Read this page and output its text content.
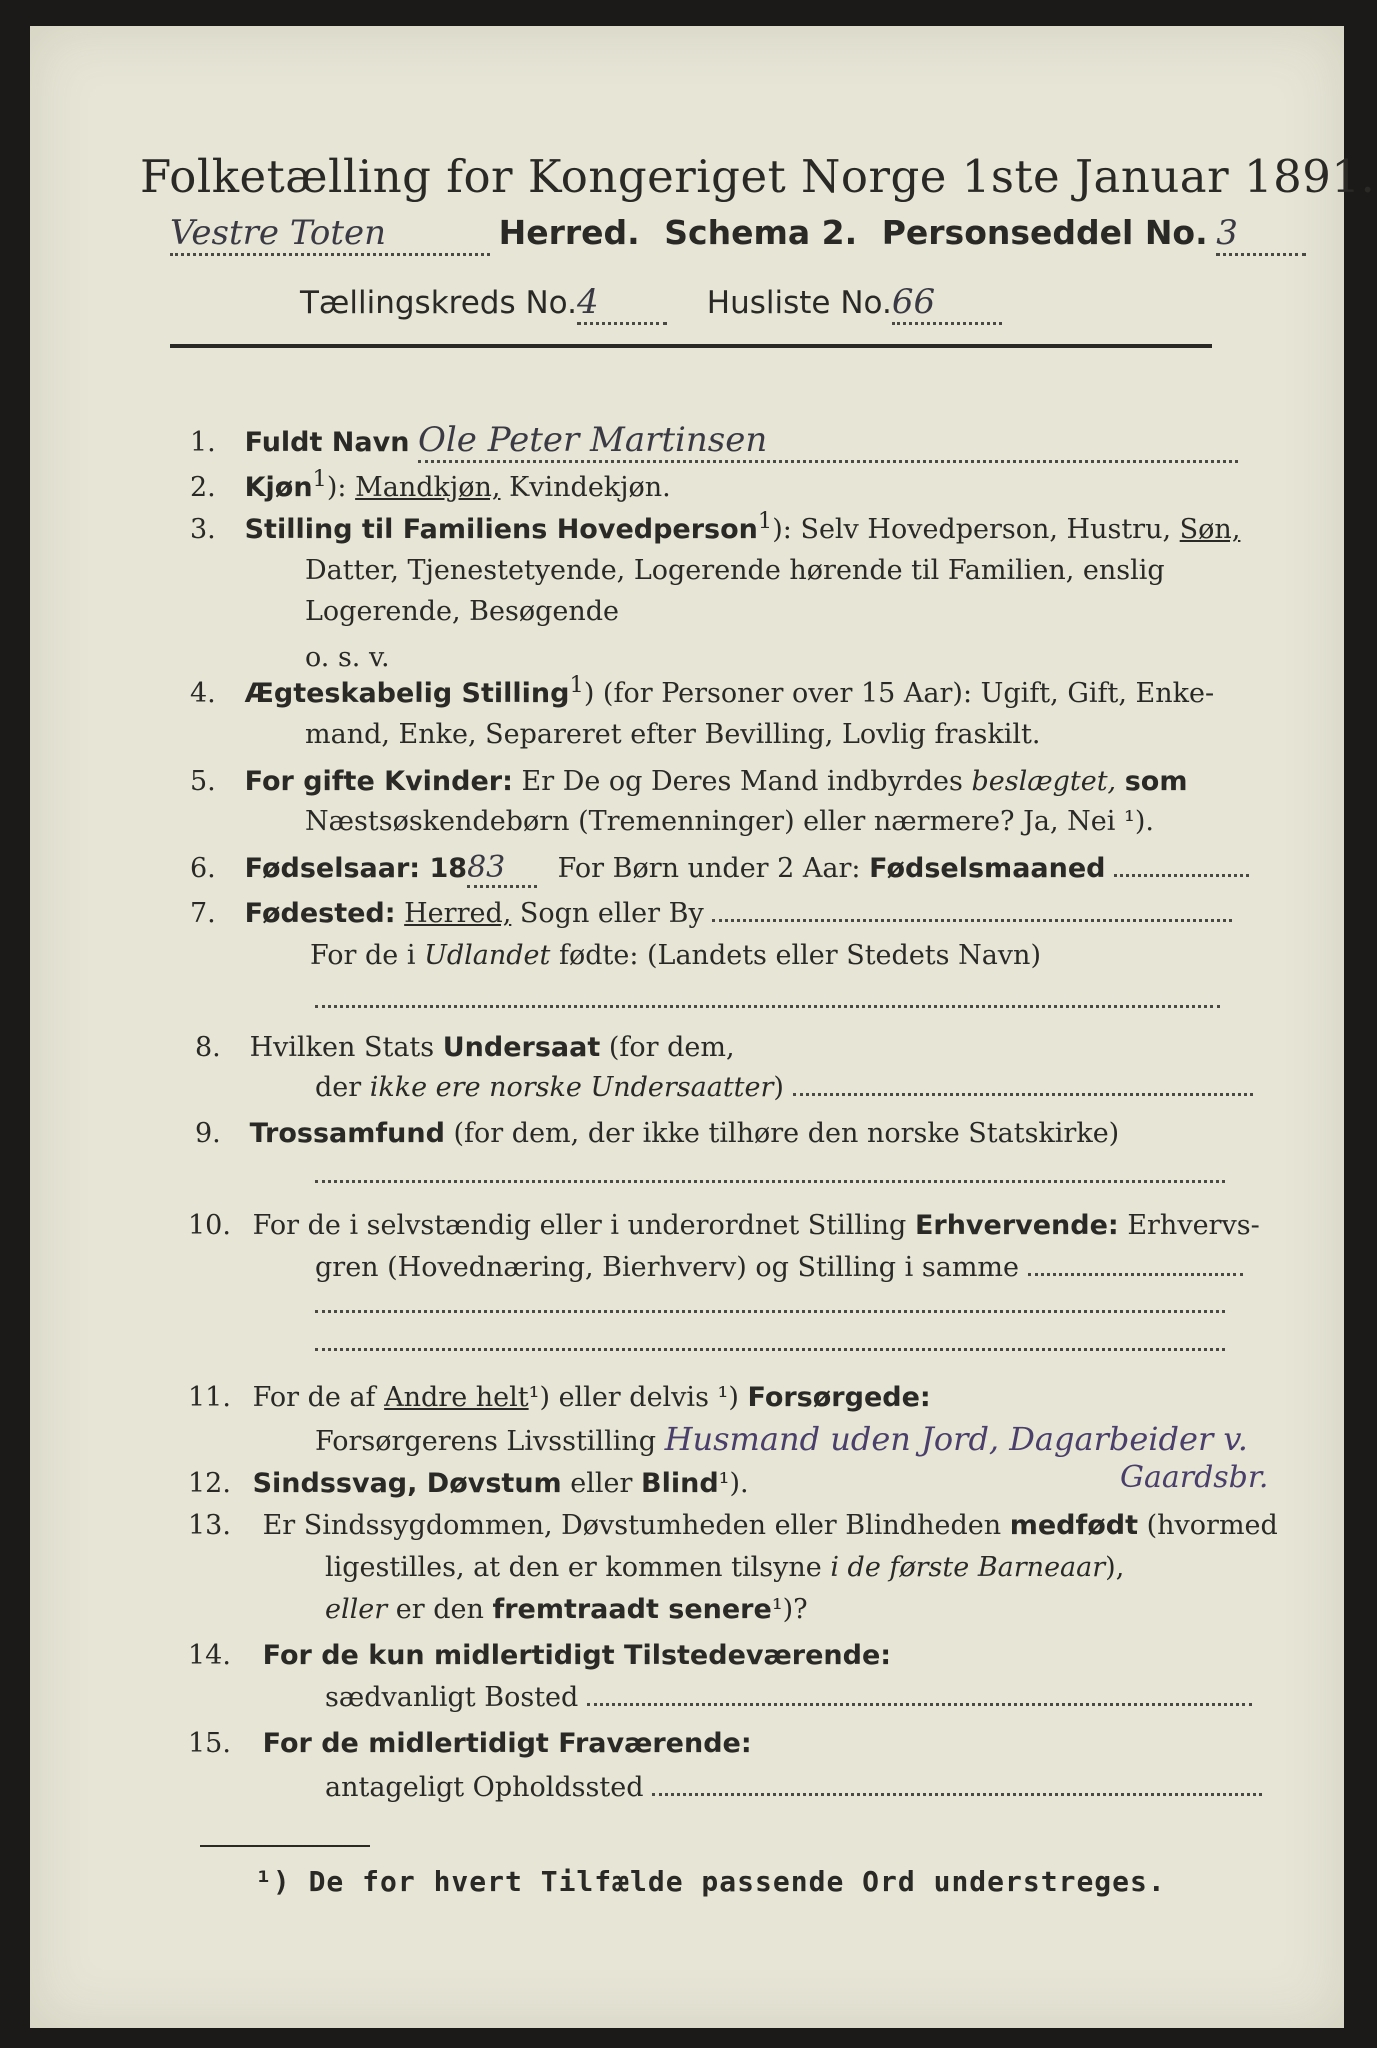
Folketælling for Kongeriget Norge 1ste Januar 1891.
Vestre Toten	Herred. Schema 2. Personseddel No. 3
Tællingskreds No.4	Husliste No.66
1. Fuldt Navn Ole Peter Martinsen
2. Kjøn$^1$): Mandkjøn, Kvindekjøn.
3. Stilling til Familiens Hovedperson$^1$): Selv Hovedperson, Hustru, Søn,
Datter, Tjenestetyende, Logerende hørende til Familien, enslig
Logerende, Besøgende
o. s. v.
4. Ægteskabelig Stilling$^1$) (for Personer over 15 Aar): Ugift, Gift, Enke-
mand, Enke, Separeret efter Bevilling, Lovlig fraskilt.
5. For gifte Kvinder: Er De og Deres Mand indbyrdes beslægtet, som
Næstsøskendebørn (Tremenninger) eller nærmere? Ja, Nei ¹).
6. Fødselsaar: 1883 For Børn under 2 Aar: Fødselsmaaned
7. Fødested: Herred, Sogn eller By
For de i Udlandet fødte: (Landets eller Stedets Navn)
8. Hvilken Stats Undersaat (for dem,
der ikke ere norske Undersaatter)
9. Trossamfund (for dem, der ikke tilhøre den norske Statskirke)
10. For de i selvstændig eller i underordnet Stilling Erhvervende: Erhvervs-
gren (Hovednæring, Bierhverv) og Stilling i samme
11. For de af Andre helt¹) eller delvis ¹) Forsørgede:
Forsørgerens Livsstilling Husmand uden Jord, Dagarbeider v.
Gaardsbr.
12. Sindssvag, Døvstum eller Blind¹).
13. Er Sindssygdommen, Døvstumheden eller Blindheden medfødt (hvormed
ligestilles, at den er kommen tilsyne i de første Barneaar),
eller er den fremtraadt senere¹)?
14. For de kun midlertidigt Tilstedeværende:
sædvanligt Bosted
15. For de midlertidigt Fraværende:
antageligt Opholdssted
¹) De for hvert Tilfælde passende Ord understreges.
